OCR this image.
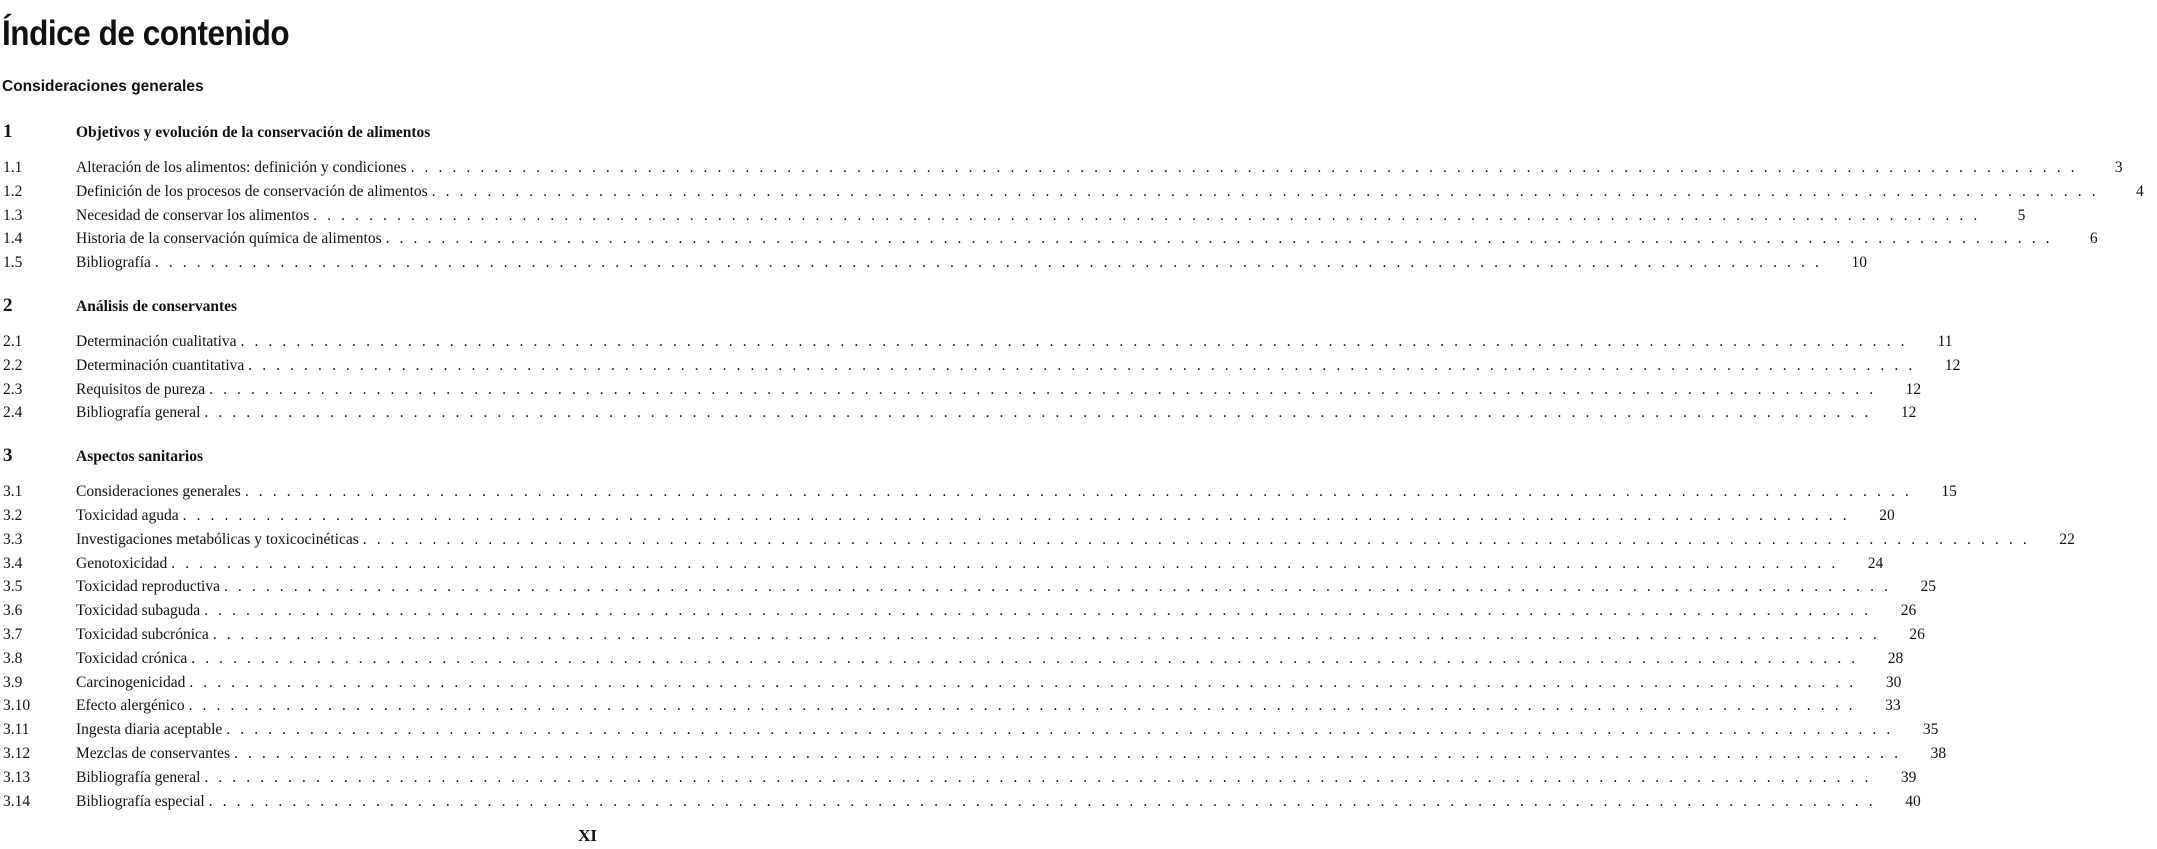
Índice de contenido
Consideraciones generales
1	Objetivos y evolución de la conservación de alimentos
1.1	Alteración de los alimentos: definición y condiciones . . . . . . . . . . . . . . . . . . . . . . . . . . . . . . . . . . . . . . . . . . . . . . . . . . . . . . . . . . . . . . . . . . . . . . . . . . . . . . . . . . . . . . . . . . . . . . . . . . . . . . . . . . . . . . . . . . . . . . . .	3
1.2	Definición de los procesos de conservación de alimentos . . . . . . . . . . . . . . . . . . . . . . . . . . . . . . . . . . . . . . . . . . . . . . . . . . . . . . . . . . . . . . . . . . . . . . . . . . . . . . . . . . . . . . . . . . . . . . . . . . . . . . . . . . . . . . . . . . . . . . . .	4
1.3	Necesidad de conservar los alimentos . . . . . . . . . . . . . . . . . . . . . . . . . . . . . . . . . . . . . . . . . . . . . . . . . . . . . . . . . . . . . . . . . . . . . . . . . . . . . . . . . . . . . . . . . . . . . . . . . . . . . . . . . . . . . . . . . . . . . . . .	5
1.4	Historia de la conservación química de alimentos . . . . . . . . . . . . . . . . . . . . . . . . . . . . . . . . . . . . . . . . . . . . . . . . . . . . . . . . . . . . . . . . . . . . . . . . . . . . . . . . . . . . . . . . . . . . . . . . . . . . . . . . . . . . . . . . . . . . . . . .	6
1.5	Bibliografía . . . . . . . . . . . . . . . . . . . . . . . . . . . . . . . . . . . . . . . . . . . . . . . . . . . . . . . . . . . . . . . . . . . . . . . . . . . . . . . . . . . . . . . . . . . . . . . . . . . . . . . . . . . . . . . . . . . . . . . .	10
2	Análisis de conservantes
2.1	Determinación cualitativa . . . . . . . . . . . . . . . . . . . . . . . . . . . . . . . . . . . . . . . . . . . . . . . . . . . . . . . . . . . . . . . . . . . . . . . . . . . . . . . . . . . . . . . . . . . . . . . . . . . . . . . . . . . . . . . . . . . . . . . .	11
2.2	Determinación cuantitativa . . . . . . . . . . . . . . . . . . . . . . . . . . . . . . . . . . . . . . . . . . . . . . . . . . . . . . . . . . . . . . . . . . . . . . . . . . . . . . . . . . . . . . . . . . . . . . . . . . . . . . . . . . . . . . . . . . . . . . . .	12
2.3	Requisitos de pureza . . . . . . . . . . . . . . . . . . . . . . . . . . . . . . . . . . . . . . . . . . . . . . . . . . . . . . . . . . . . . . . . . . . . . . . . . . . . . . . . . . . . . . . . . . . . . . . . . . . . . . . . . . . . . . . . . . . . . . . .	12
2.4	Bibliografía general . . . . . . . . . . . . . . . . . . . . . . . . . . . . . . . . . . . . . . . . . . . . . . . . . . . . . . . . . . . . . . . . . . . . . . . . . . . . . . . . . . . . . . . . . . . . . . . . . . . . . . . . . . . . . . . . . . . . . . . .	12
3	Aspectos sanitarios
3.1	Consideraciones generales . . . . . . . . . . . . . . . . . . . . . . . . . . . . . . . . . . . . . . . . . . . . . . . . . . . . . . . . . . . . . . . . . . . . . . . . . . . . . . . . . . . . . . . . . . . . . . . . . . . . . . . . . . . . . . . . . . . . . . . .	15
3.2	Toxicidad aguda . . . . . . . . . . . . . . . . . . . . . . . . . . . . . . . . . . . . . . . . . . . . . . . . . . . . . . . . . . . . . . . . . . . . . . . . . . . . . . . . . . . . . . . . . . . . . . . . . . . . . . . . . . . . . . . . . . . . . . . .	20
3.3	Investigaciones metabólicas y toxicocinéticas . . . . . . . . . . . . . . . . . . . . . . . . . . . . . . . . . . . . . . . . . . . . . . . . . . . . . . . . . . . . . . . . . . . . . . . . . . . . . . . . . . . . . . . . . . . . . . . . . . . . . . . . . . . . . . . . . . . . . . . .	22
3.4	Genotoxicidad . . . . . . . . . . . . . . . . . . . . . . . . . . . . . . . . . . . . . . . . . . . . . . . . . . . . . . . . . . . . . . . . . . . . . . . . . . . . . . . . . . . . . . . . . . . . . . . . . . . . . . . . . . . . . . . . . . . . . . . .	24
3.5	Toxicidad reproductiva . . . . . . . . . . . . . . . . . . . . . . . . . . . . . . . . . . . . . . . . . . . . . . . . . . . . . . . . . . . . . . . . . . . . . . . . . . . . . . . . . . . . . . . . . . . . . . . . . . . . . . . . . . . . . . . . . . . . . . . .	25
3.6	Toxicidad subaguda . . . . . . . . . . . . . . . . . . . . . . . . . . . . . . . . . . . . . . . . . . . . . . . . . . . . . . . . . . . . . . . . . . . . . . . . . . . . . . . . . . . . . . . . . . . . . . . . . . . . . . . . . . . . . . . . . . . . . . . .	26
3.7	Toxicidad subcrónica . . . . . . . . . . . . . . . . . . . . . . . . . . . . . . . . . . . . . . . . . . . . . . . . . . . . . . . . . . . . . . . . . . . . . . . . . . . . . . . . . . . . . . . . . . . . . . . . . . . . . . . . . . . . . . . . . . . . . . . .	26
3.8	Toxicidad crónica . . . . . . . . . . . . . . . . . . . . . . . . . . . . . . . . . . . . . . . . . . . . . . . . . . . . . . . . . . . . . . . . . . . . . . . . . . . . . . . . . . . . . . . . . . . . . . . . . . . . . . . . . . . . . . . . . . . . . . . .	28
3.9	Carcinogenicidad . . . . . . . . . . . . . . . . . . . . . . . . . . . . . . . . . . . . . . . . . . . . . . . . . . . . . . . . . . . . . . . . . . . . . . . . . . . . . . . . . . . . . . . . . . . . . . . . . . . . . . . . . . . . . . . . . . . . . . . .	30
3.10	Efecto alergénico . . . . . . . . . . . . . . . . . . . . . . . . . . . . . . . . . . . . . . . . . . . . . . . . . . . . . . . . . . . . . . . . . . . . . . . . . . . . . . . . . . . . . . . . . . . . . . . . . . . . . . . . . . . . . . . . . . . . . . . .	33
3.11	Ingesta diaria aceptable . . . . . . . . . . . . . . . . . . . . . . . . . . . . . . . . . . . . . . . . . . . . . . . . . . . . . . . . . . . . . . . . . . . . . . . . . . . . . . . . . . . . . . . . . . . . . . . . . . . . . . . . . . . . . . . . . . . . . . . .	35
3.12	Mezclas de conservantes . . . . . . . . . . . . . . . . . . . . . . . . . . . . . . . . . . . . . . . . . . . . . . . . . . . . . . . . . . . . . . . . . . . . . . . . . . . . . . . . . . . . . . . . . . . . . . . . . . . . . . . . . . . . . . . . . . . . . . . .	38
3.13	Bibliografía general . . . . . . . . . . . . . . . . . . . . . . . . . . . . . . . . . . . . . . . . . . . . . . . . . . . . . . . . . . . . . . . . . . . . . . . . . . . . . . . . . . . . . . . . . . . . . . . . . . . . . . . . . . . . . . . . . . . . . . . .	39
3.14	Bibliografía especial . . . . . . . . . . . . . . . . . . . . . . . . . . . . . . . . . . . . . . . . . . . . . . . . . . . . . . . . . . . . . . . . . . . . . . . . . . . . . . . . . . . . . . . . . . . . . . . . . . . . . . . . . . . . . . . . . . . . . . . .	40
XI
